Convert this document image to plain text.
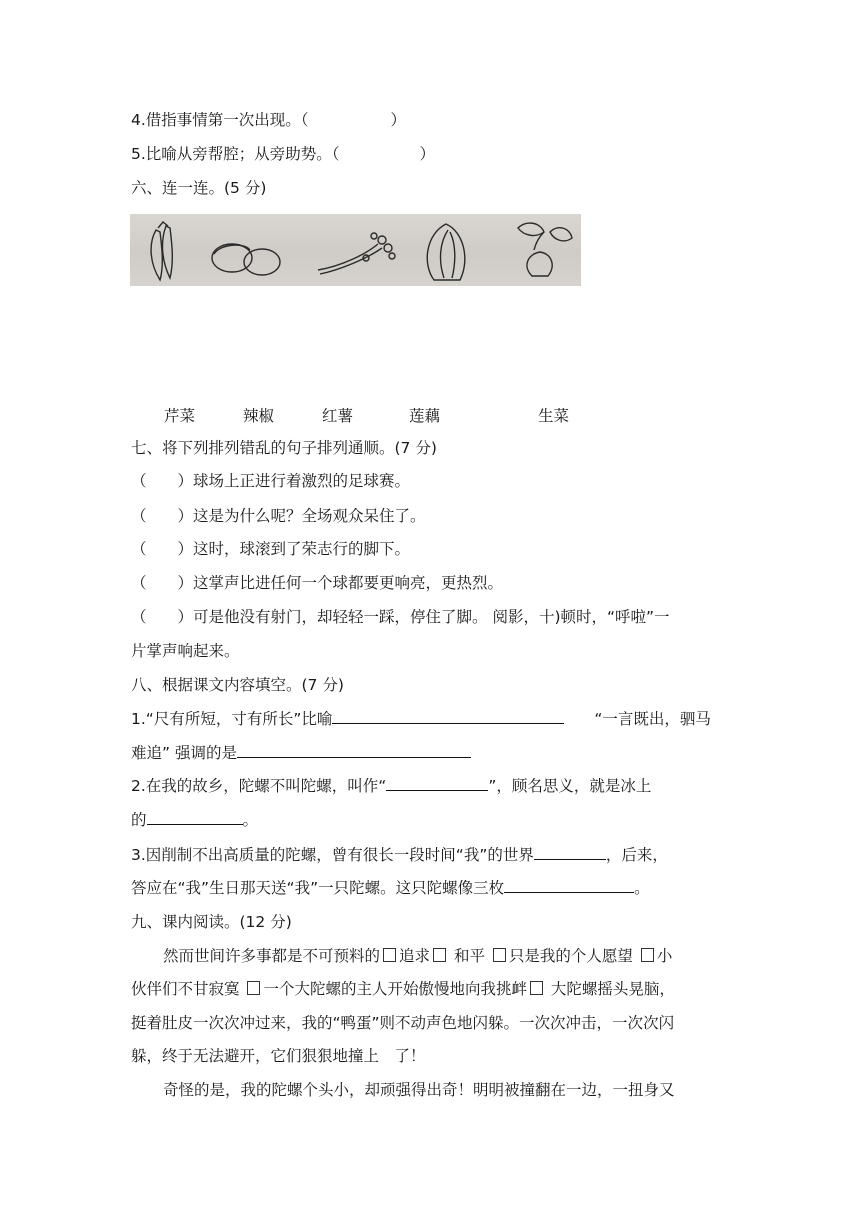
4.借指事情第一次出现。（	）
5.比喻从旁帮腔；从旁助势。（	）
六、连一连。(5 分)
芹菜	辣椒	红薯	莲藕	生菜
七、将下列排列错乱的句子排列通顺。(7 分)
（　　）球场上正进行着激烈的足球赛。
（　　）这是为什么呢？全场观众呆住了。
（　　）这时，球滚到了荣志行的脚下。
（　　）这掌声比进任何一个球都要更响亮，更热烈。
（　　）可是他没有射门，却轻轻一踩，停住了脚。 阅影，十)顿时，“呼啦”一
片掌声响起来。
八、根据课文内容填空。(7 分)
1.“尺有所短，寸有所长”比喻	“一言既出，驷马
难追” 强调的是
2.在我的故乡，陀螺不叫陀螺，叫作“	”，顾名思义，就是冰上
的	。
3.因削制不出高质量的陀螺，曾有很长一段时间“我”的世界	，后来，
答应在“我”生日那天送“我”一只陀螺。这只陀螺像三枚	。
九、课内阅读。(12 分)
然而世间许多事都是不可预料的 追求 和平 只是我的个人愿望 小
伙伴们不甘寂寞 一个大陀螺的主人开始傲慢地向我挑衅 大陀螺摇头晃脑，
挺着肚皮一次次冲过来，我的“鸭蛋”则不动声色地闪躲。一次次冲击，一次次闪
躲，终于无法避开，它们狠狠地撞上　了！
奇怪的是，我的陀螺个头小，却顽强得出奇！明明被撞翻在一边，一扭身又
